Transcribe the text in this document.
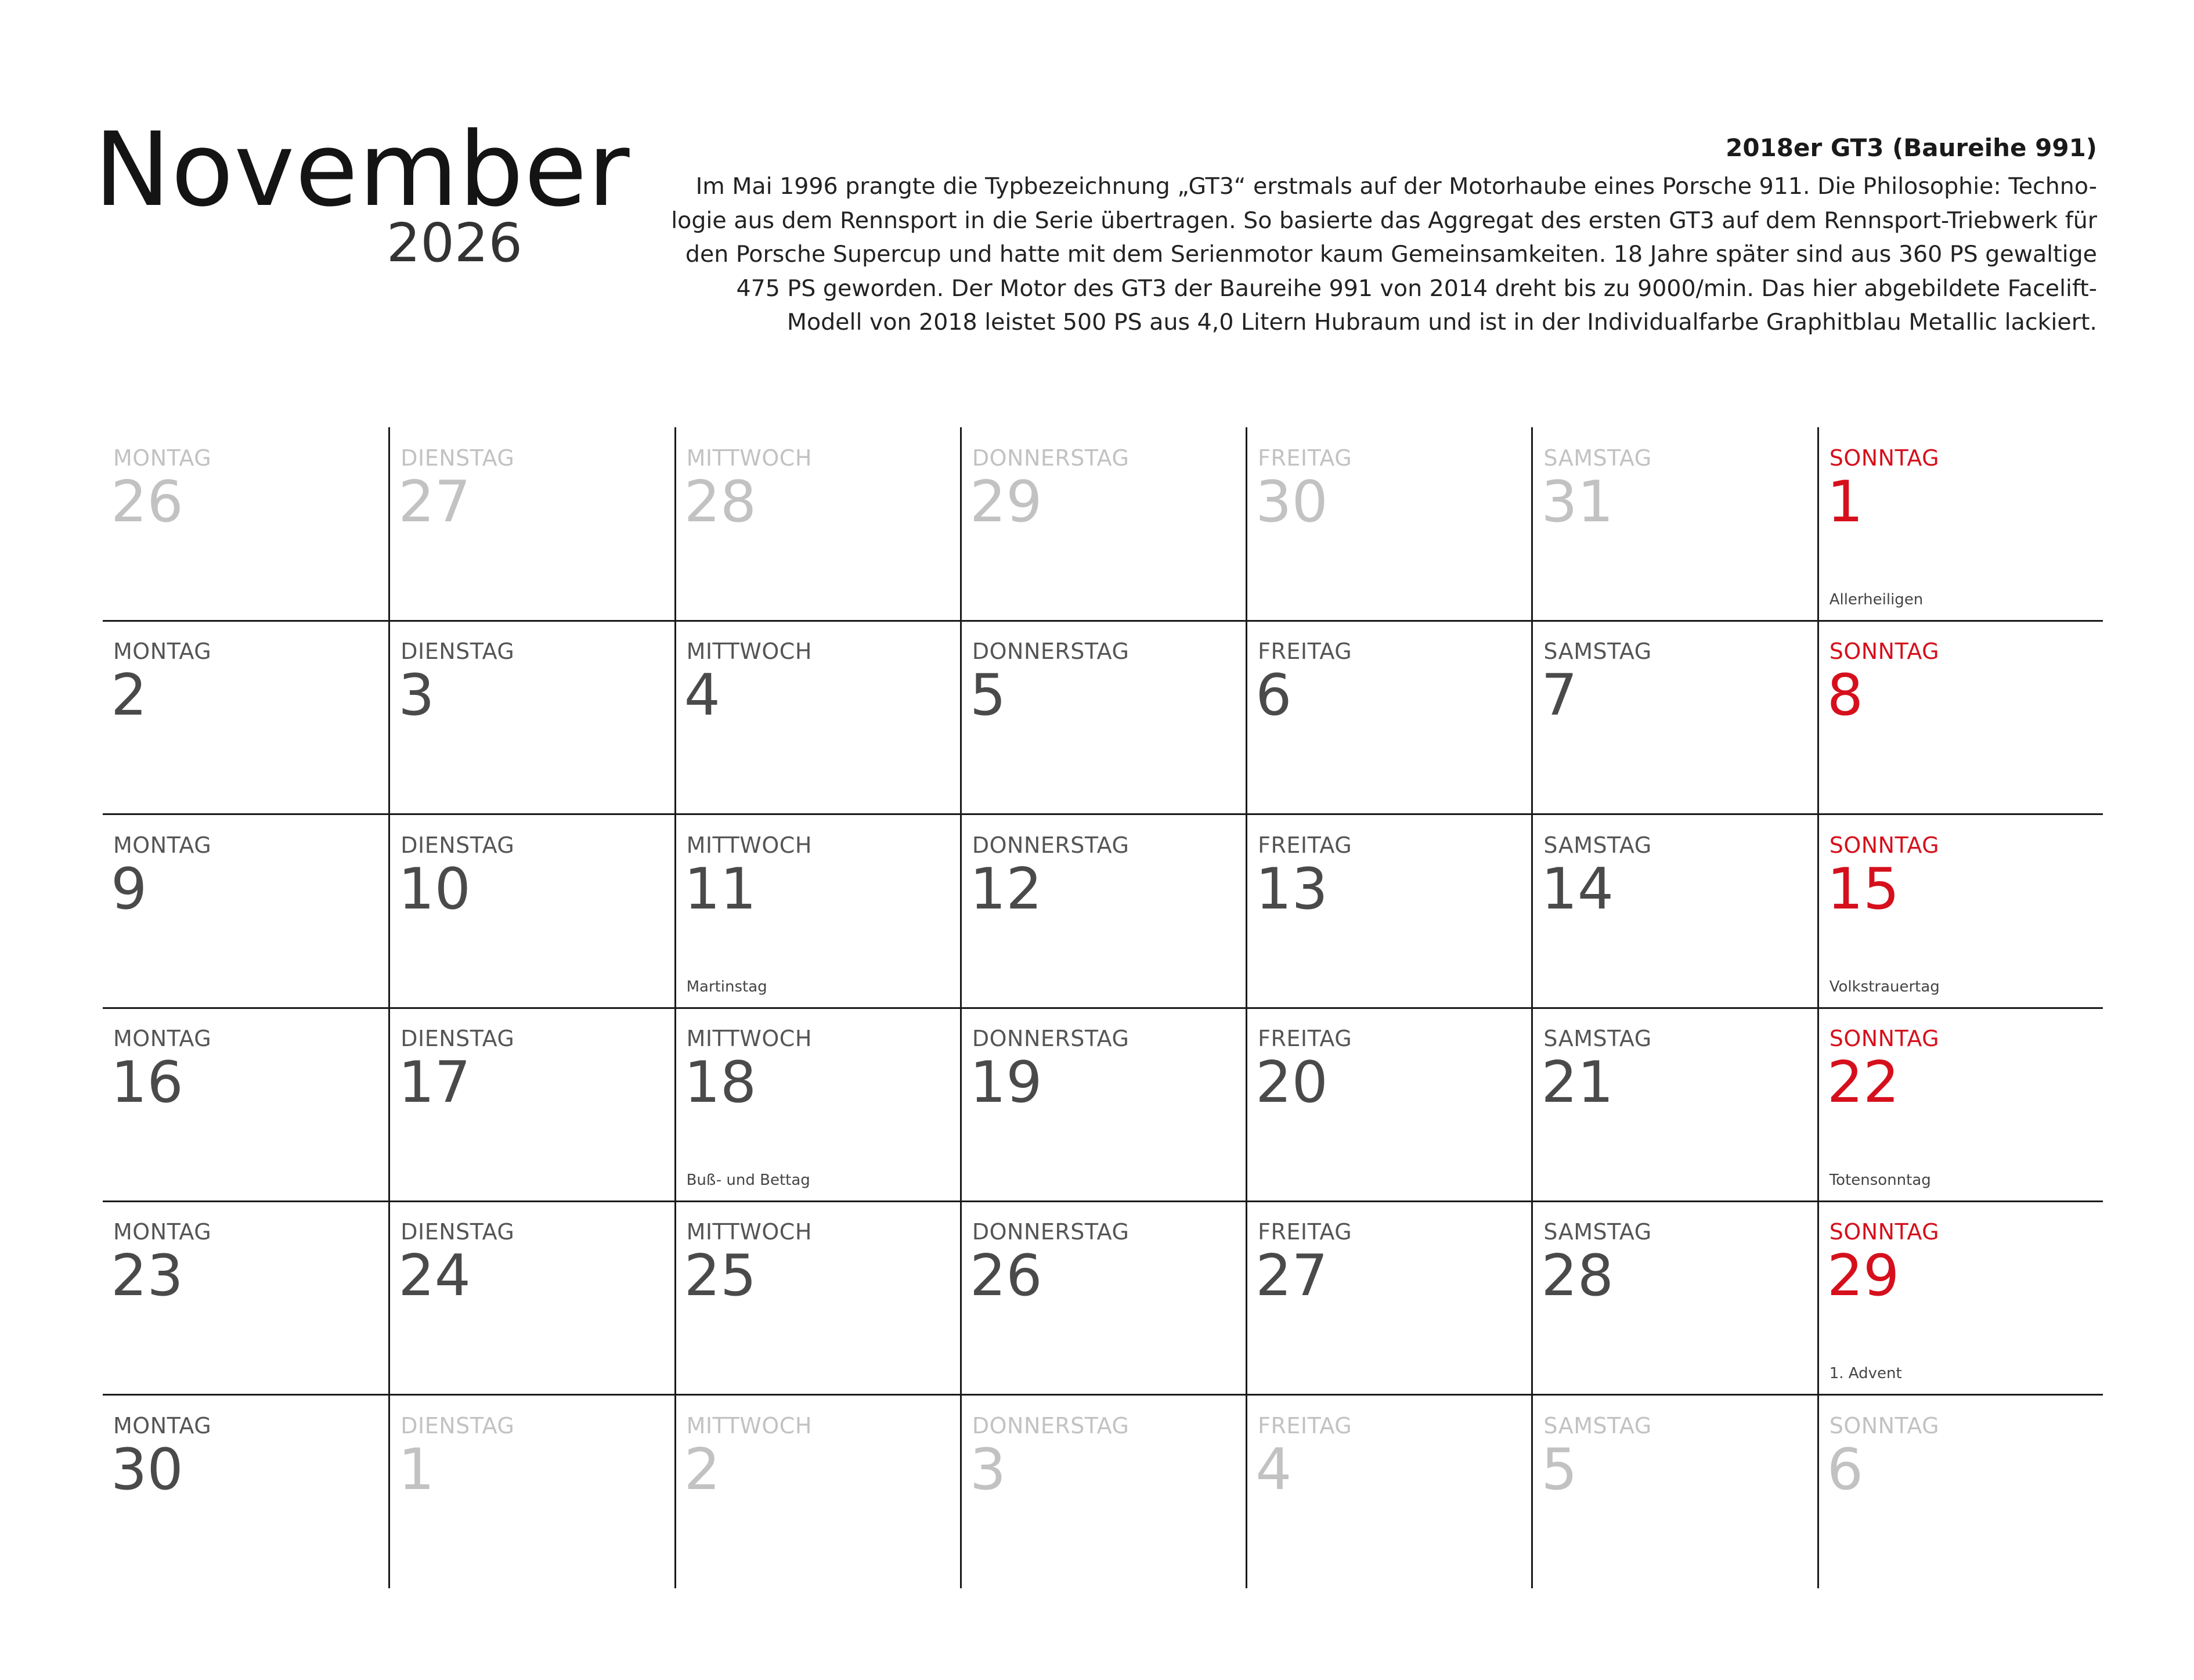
November
2026
2018er GT3 (Baureihe 991)

Im Mai 1996 prangte die Typbezeichnung „GT3“ erstmals auf der Motorhaube eines Porsche 911. Die Philosophie: Techno-
logie aus dem Rennsport in die Serie übertragen. So basierte das Aggregat des ersten GT3 auf dem Rennsport-Triebwerk für
den Porsche Supercup und hatte mit dem Serienmotor kaum Gemeinsamkeiten. 18 Jahre später sind aus 360 PS gewaltige
475 PS geworden. Der Motor des GT3 der Baureihe 991 von 2014 dreht bis zu 9000/min. Das hier abgebildete Facelift-
Modell von 2018 leistet 500 PS aus 4,0 Litern Hubraum und ist in der Individualfarbe Graphitblau Metallic lackiert.

MONTAG
26
DIENSTAG
27
MITTWOCH
28
DONNERSTAG
29
FREITAG
30
SAMSTAG
31
SONNTAG
1
Allerheiligen
MONTAG
2
DIENSTAG
3
MITTWOCH
4
DONNERSTAG
5
FREITAG
6
SAMSTAG
7
SONNTAG
8
MONTAG
9
DIENSTAG
10
MITTWOCH
11
Martinstag
DONNERSTAG
12
FREITAG
13
SAMSTAG
14
SONNTAG
15
Volkstrauertag
MONTAG
16
DIENSTAG
17
MITTWOCH
18
Buß- und Bettag
DONNERSTAG
19
FREITAG
20
SAMSTAG
21
SONNTAG
22
Totensonntag
MONTAG
23
DIENSTAG
24
MITTWOCH
25
DONNERSTAG
26
FREITAG
27
SAMSTAG
28
SONNTAG
29
1. Advent
MONTAG
30
DIENSTAG
1
MITTWOCH
2
DONNERSTAG
3
FREITAG
4
SAMSTAG
5
SONNTAG
6
